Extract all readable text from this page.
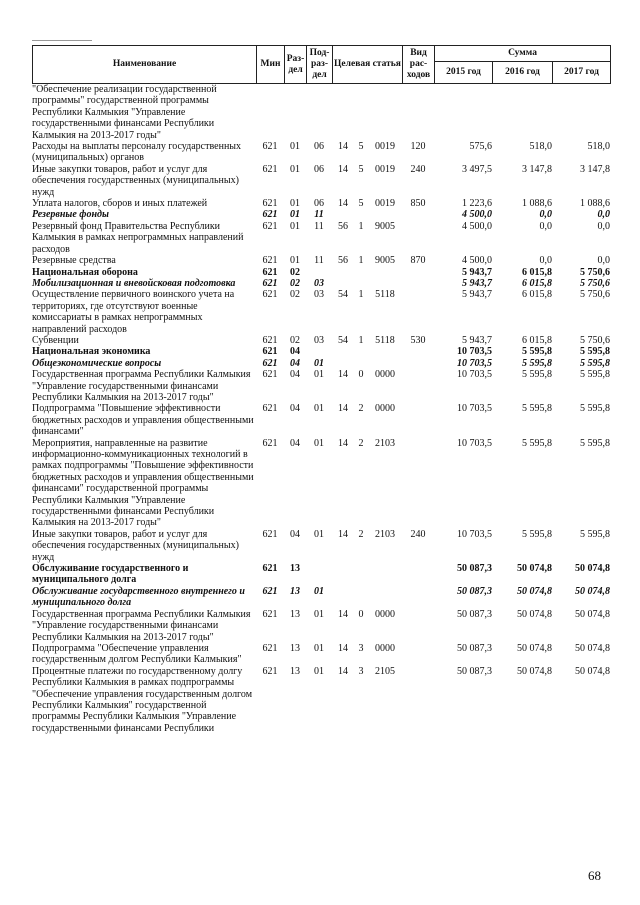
Наименование	Мин	Раз-дел	Под-раз-дел	Целевая статья	Вид рас-ходов	Сумма		
						2015 год	2016 год	2017 год
"Обеспечение реализации государственной программы" государственной программы Республики Калмыкия "Управление государственными финансами Республики Калмыкия на 2013-2017 годы"										
Расходы на выплаты персоналу государственных (муниципальных) органов	621	01	06	14	5	0019	120	575,6	518,0	518,0
Иные закупки товаров, работ и услуг для обеспечения государственных (муниципальных) нужд	621	01	06	14	5	0019	240	3 497,5	3 147,8	3 147,8
Уплата налогов, сборов и иных платежей	621	01	06	14	5	0019	850	1 223,6	1 088,6	1 088,6
Резервные фонды	621	01	11					4 500,0	0,0	0,0
Резервный фонд Правительства Республики Калмыкия в рамках непрограммных направлений расходов	621	01	11	56	1	9005		4 500,0	0,0	0,0
Резервные средства	621	01	11	56	1	9005	870	4 500,0	0,0	0,0
Национальная оборона	621	02						5 943,7	6 015,8	5 750,6
Мобилизационная и вневойсковая подготовка	621	02	03					5 943,7	6 015,8	5 750,6
Осуществление первичного воинского учета на территориях, где отсутствуют военные комиссариаты в рамках непрограммных направлений расходов	621	02	03	54	1	5118		5 943,7	6 015,8	5 750,6
Субвенции	621	02	03	54	1	5118	530	5 943,7	6 015,8	5 750,6
Национальная экономика	621	04						10 703,5	5 595,8	5 595,8
Общеэкономические вопросы	621	04	01					10 703,5	5 595,8	5 595,8
Государственная программа Республики Калмыкия "Управление государственными финансами Республики Калмыкия на 2013-2017 годы"	621	04	01	14	0	0000		10 703,5	5 595,8	5 595,8
Подпрограмма "Повышение эффективности бюджетных расходов и управления общественными финансами"	621	04	01	14	2	0000		10 703,5	5 595,8	5 595,8
Мероприятия, направленные на развитие информационно-коммуникационных технологий в рамках подпрограммы "Повышение эффективности бюджетных расходов и управления общественными финансами" государственной программы Республики Калмыкия "Управление государственными финансами Республики Калмыкия на 2013-2017 годы"	621	04	01	14	2	2103		10 703,5	5 595,8	5 595,8
Иные закупки товаров, работ и услуг для обеспечения государственных (муниципальных) нужд	621	04	01	14	2	2103	240	10 703,5	5 595,8	5 595,8
Обслуживание государственного и муниципального долга	621	13						50 087,3	50 074,8	50 074,8
Обслуживание государственного внутреннего и муниципального долга	621	13	01					50 087,3	50 074,8	50 074,8
Государственная программа Республики Калмыкия "Управление государственными финансами Республики Калмыкия на 2013-2017 годы"	621	13	01	14	0	0000		50 087,3	50 074,8	50 074,8
Подпрограмма "Обеспечение управления государственным долгом Республики Калмыкия"	621	13	01	14	3	0000		50 087,3	50 074,8	50 074,8
Процентные платежи по государственному долгу Республики Калмыкия в рамках подпрограммы "Обеспечение управления государственным долгом Республики Калмыкия" государственной программы Республики Калмыкия "Управление государственными финансами Республики	621	13	01	14	3	2105		50 087,3	50 074,8	50 074,8
68
